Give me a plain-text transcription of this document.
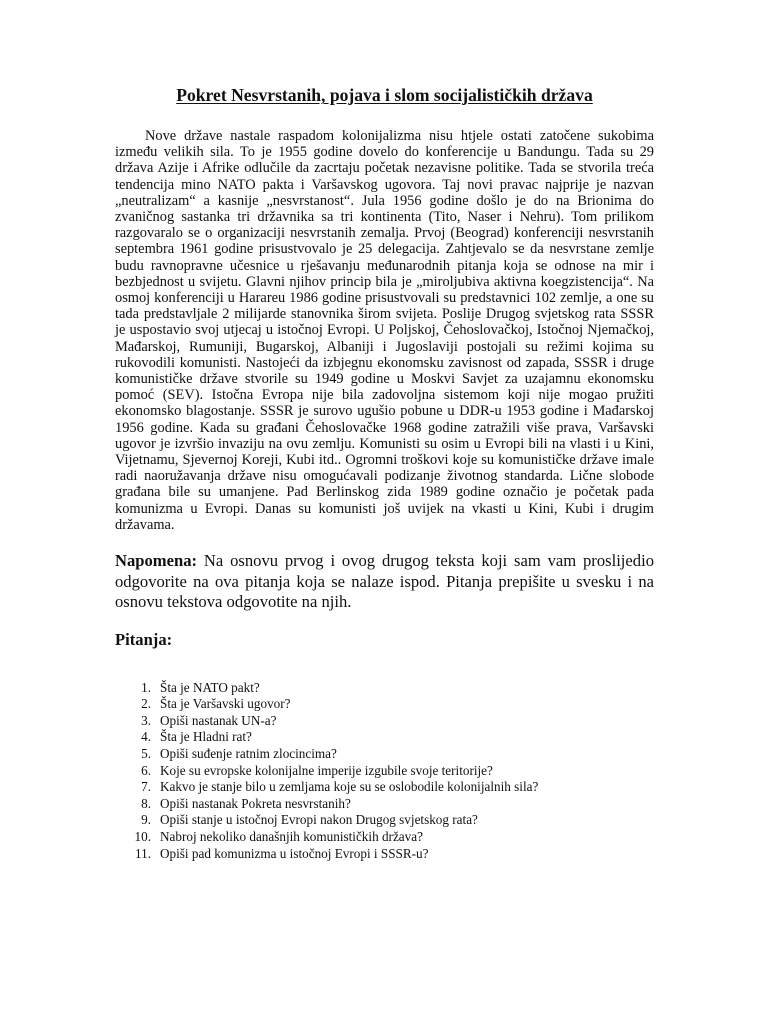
Pokret Nesvrstanih, pojava i slom socijalističkih država

Nove države nastale raspadom kolonijalizma nisu htjele ostati zatočene sukobima između velikih sila. To je 1955 godine dovelo do konferencije u Bandungu. Tada su 29 država Azije i Afrike odlučile da zacrtaju početak nezavisne politike. Tada se stvorila treća tendencija mino NATO pakta i Varšavskog ugovora. Taj novi pravac najprije je nazvan „neutralizam“ a kasnije „nesvrstanost“. Jula 1956 godine došlo je do na Brionima do zvaničnog sastanka tri državnika sa tri kontinenta (Tito, Naser i Nehru). Tom prilikom razgovaralo se o organizaciji nesvrstanih zemalja. Prvoj (Beograd) konferenciji nesvrstanih septembra 1961 godine prisustvovalo je 25 delegacija. Zahtjevalo se da nesvrstane zemlje budu ravnopravne učesnice u rješavanju međunarodnih pitanja koja se odnose na mir i bezbjednost u svijetu. Glavni njihov princip bila je „miroljubiva aktivna koegzistencija“. Na osmoj konferenciji u Harareu 1986 godine prisustvovali su predstavnici 102 zemlje, a one su tada predstavljale 2 milijarde stanovnika širom svijeta. Poslije Drugog svjetskog rata SSSR je uspostavio svoj utjecaj u istočnoj Evropi. U Poljskoj, Čehoslovačkoj, Istočnoj Njemačkoj, Mađarskoj, Rumuniji, Bugarskoj, Albaniji i Jugoslaviji postojali su režimi kojima su rukovodili komunisti. Nastojeći da izbjegnu ekonomsku zavisnost od zapada, SSSR i druge komunističke države stvorile su 1949 godine u Moskvi Savjet za uzajamnu ekonomsku pomoć (SEV). Istočna Evropa nije bila zadovoljna sistemom koji nije mogao pružiti ekonomsko blagostanje. SSSR je surovo ugušio pobune u DDR-u 1953 godine i Mađarskoj 1956 godine. Kada su građani Čehoslovačke 1968 godine zatražili više prava, Varšavski ugovor je izvršio invaziju na ovu zemlju. Komunisti su osim u Evropi bili na vlasti i u Kini, Vijetnamu, Sjevernoj Koreji, Kubi itd.. Ogromni troškovi koje su komunističke države imale radi naoružavanja države nisu omogućavali podizanje životnog standarda. Lične slobode građana bile su umanjene. Pad Berlinskog zida 1989 godine označio je početak pada komunizma u Evropi. Danas su komunisti još uvijek na vkasti u Kini, Kubi i drugim državama.

Napomena: Na osnovu prvog i ovog drugog teksta koji sam vam proslijedio odgovorite na ova pitanja koja se nalaze ispod. Pitanja prepišite u svesku i na osnovu tekstova odgovotite na njih.

Pitanja:
1. Šta je NATO pakt?
2. Šta je Varšavski ugovor?
3. Opiši nastanak UN-a?
4. Šta je Hladni rat?
5. Opiši suđenje ratnim zlocincima?
6. Koje su evropske kolonijalne imperije izgubile svoje teritorije?
7. Kakvo je stanje bilo u zemljama koje su se oslobodile kolonijalnih sila?
8. Opiši nastanak Pokreta nesvrstanih?
9. Opiši stanje u istočnoj Evropi nakon Drugog svjetskog rata?
10. Nabroj nekoliko današnjih komunističkih država?
11. Opiši pad komunizma u istočnoj Evropi i SSSR-u?
